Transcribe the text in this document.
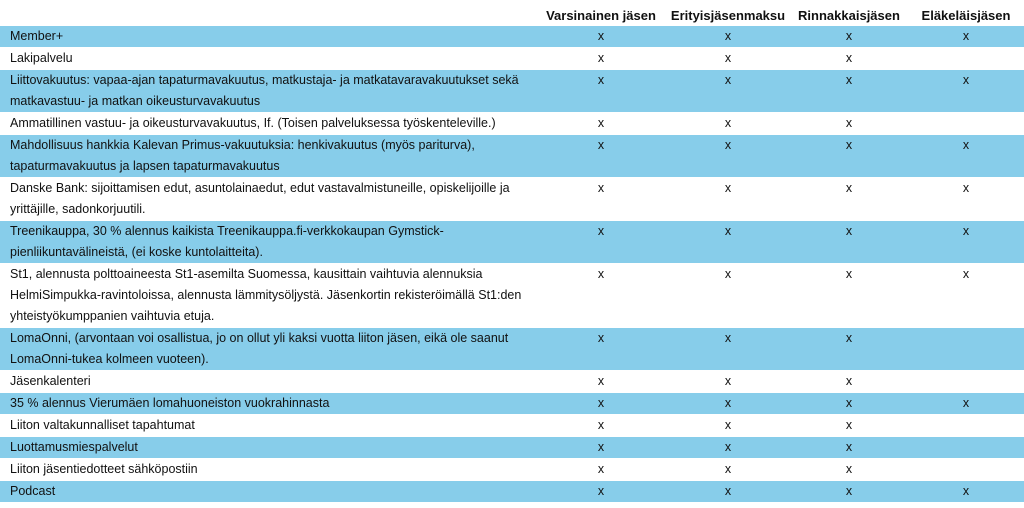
	Varsinainen jäsen	Erityisjäsenmaksu	Rinnakkaisjäsen	Eläkeläisjäsen
Member+	x	x	x	x
Lakipalvelu	x	x	x	
Liittovakuutus: vapaa-ajan tapaturmavakuutus, matkustaja- ja matkatavaravakuutukset sekä matkavastuu- ja matkan oikeusturvavakuutus	x	x	x	x
Ammatillinen vastuu- ja oikeusturvavakuutus, If. (Toisen palveluksessa työskenteleville.)	x	x	x	
Mahdollisuus hankkia Kalevan Primus-vakuutuksia: henkivakuutus (myös pariturva), tapaturmavakuutus ja lapsen tapaturmavakuutus	x	x	x	x
Danske Bank: sijoittamisen edut, asuntolainaedut, edut vastavalmistuneille, opiskelijoille ja yrittäjille, sadonkorjuutili.	x	x	x	x
Treenikauppa, 30 % alennus kaikista Treenikauppa.fi-verkkokaupan Gymstick-pienliikuntavälineistä, (ei koske kuntolaitteita).	x	x	x	x
St1, alennusta polttoaineesta St1-asemilta Suomessa, kausittain vaihtuvia alennuksia HelmiSimpukka-ravintoloissa, alennusta lämmitysöljystä. Jäsenkortin rekisteröimällä St1:den yhteistyökumppanien vaihtuvia etuja.	x	x	x	x
LomaOnni, (arvontaan voi osallistua, jo on ollut yli kaksi vuotta liiton jäsen, eikä ole saanut LomaOnni-tukea kolmeen vuoteen).	x	x	x	
Jäsenkalenteri	x	x	x	
35 % alennus Vierumäen lomahuoneiston vuokrahinnasta	x	x	x	x
Liiton valtakunnalliset tapahtumat	x	x	x	
Luottamusmiespalvelut	x	x	x	
Liiton jäsentiedotteet sähköpostiin	x	x	x	
Podcast	x	x	x	x
